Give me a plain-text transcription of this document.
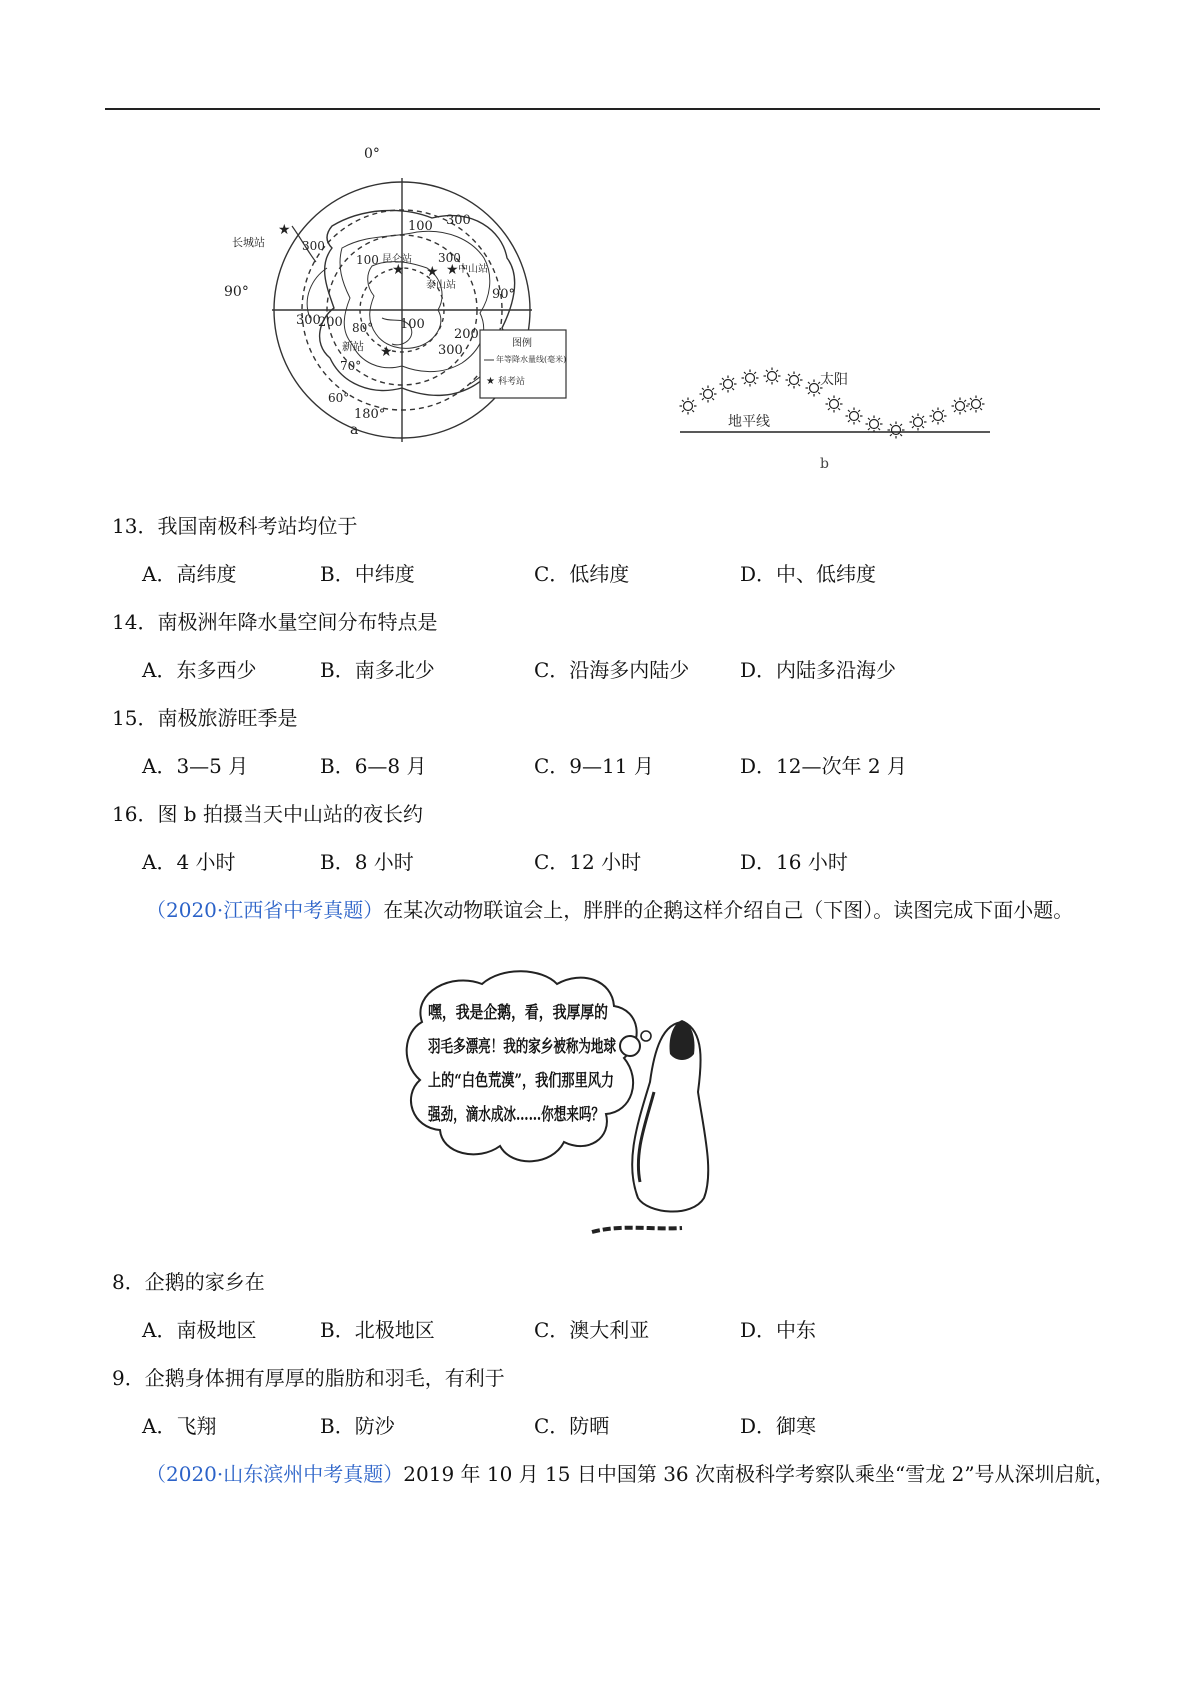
★
★ ★ ★
★
0°
90°	90°
180°
60°
70°
80°
100 300
300
200
300
100
200
300
300
100
长城站
昆仑站
中山站
泰山站
新站
a
图例
年等降水量线(毫米)
★ 科考站	太阳
地平线
b
13．我国南极科考站均位于
A．高纬度	B．中纬度	C．低纬度	D．中、低纬度
14．南极洲年降水量空间分布特点是
A．东多西少	B．南多北少	C．沿海多内陆少	D．内陆多沿海少
15．南极旅游旺季是
A．3—5 月	B．6—8 月	C．9—11 月	D．12—次年 2 月
16．图 b 拍摄当天中山站的夜长约
A．4 小时	B．8 小时	C．12 小时	D．16 小时
（2020·江西省中考真题）在某次动物联谊会上，胖胖的企鹅这样介绍自己（下图）。读图完成下面小题。
嘿，我是企鹅，看，我厚厚的
羽毛多漂亮！我的家乡被称为地球
上的“白色荒漠”，我们那里风力
强劲，滴水成冰……你想来吗？
8．企鹅的家乡在
A．南极地区	B．北极地区	C．澳大利亚	D．中东
9．企鹅身体拥有厚厚的脂肪和羽毛，有利于
A．飞翔	B．防沙	C．防晒	D．御寒
（2020·山东滨州中考真题）2019 年 10 月 15 日中国第 36 次南极科学考察队乘坐“雪龙 2”号从深圳启航，
